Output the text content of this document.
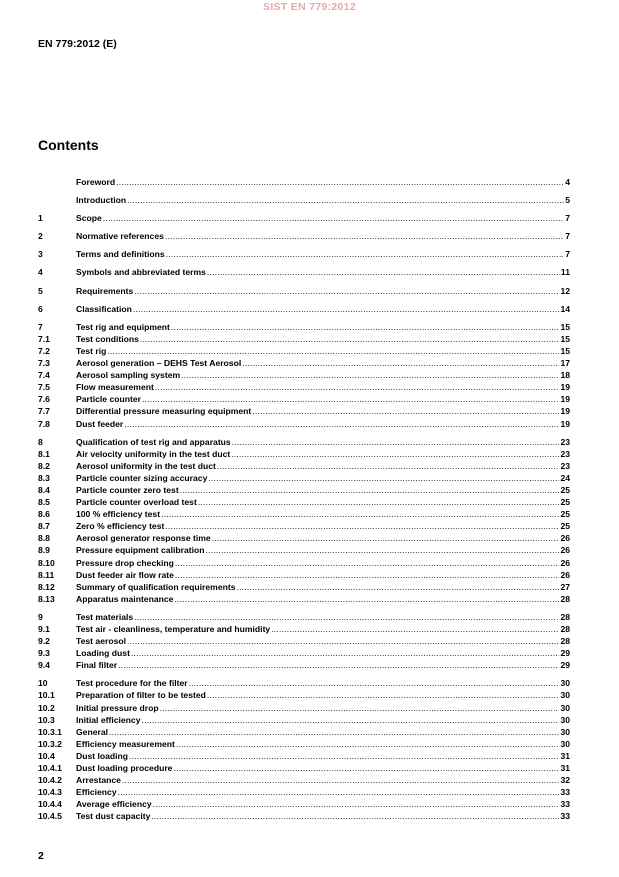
SIST EN 779:2012
EN 779:2012 (E)
Contents
Foreword .....	4
Introduction .....	5
1	Scope .....	7
2	Normative references .....	7
3	Terms and definitions .....	7
4	Symbols and abbreviated terms .....	11
5	Requirements .....	12
6	Classification .....	14
7	Test rig and equipment .....	15
7.1	Test conditions .....	15
7.2	Test rig .....	15
7.3	Aerosol generation – DEHS Test Aerosol .....	17
7.4	Aerosol sampling system .....	18
7.5	Flow measurement .....	19
7.6	Particle counter .....	19
7.7	Differential pressure measuring equipment .....	19
7.8	Dust feeder .....	19
8	Qualification of test rig and apparatus .....	23
8.1	Air velocity uniformity in the test duct .....	23
8.2	Aerosol uniformity in the test duct .....	23
8.3	Particle counter sizing accuracy .....	24
8.4	Particle counter zero test .....	25
8.5	Particle counter overload test .....	25
8.6	100 % efficiency test .....	25
8.7	Zero % efficiency test .....	25
8.8	Aerosol generator response time .....	26
8.9	Pressure equipment calibration .....	26
8.10	Pressure drop checking .....	26
8.11	Dust feeder air flow rate .....	26
8.12	Summary of qualification requirements .....	27
8.13	Apparatus maintenance .....	28
9	Test materials .....	28
9.1	Test air - cleanliness, temperature and humidity .....	28
9.2	Test aerosol .....	28
9.3	Loading dust .....	29
9.4	Final filter .....	29
10	Test procedure for the filter .....	30
10.1	Preparation of filter to be tested .....	30
10.2	Initial pressure drop .....	30
10.3	Initial efficiency .....	30
10.3.1	General .....	30
10.3.2	Efficiency measurement .....	30
10.4	Dust loading .....	31
10.4.1	Dust loading procedure .....	31
10.4.2	Arrestance .....	32
10.4.3	Efficiency .....	33
10.4.4	Average efficiency .....	33
10.4.5	Test dust capacity .....	33
2
